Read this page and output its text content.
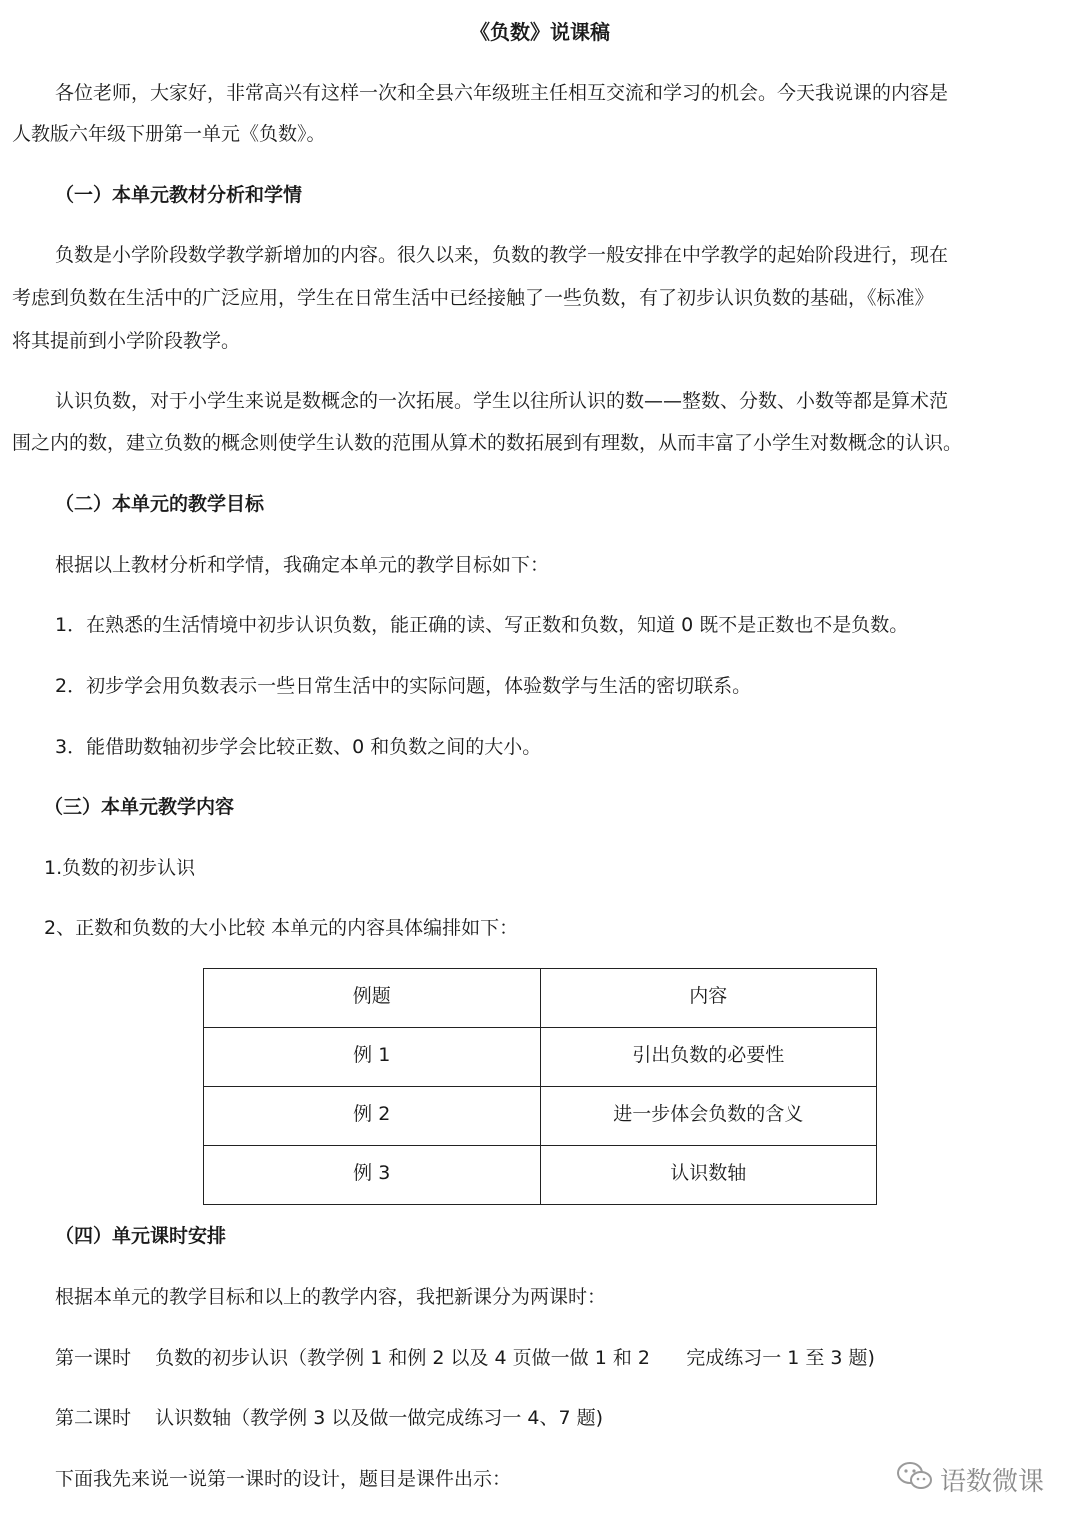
《负数》说课稿
各位老师，大家好，非常高兴有这样一次和全县六年级班主任相互交流和学习的机会。今天我说课的内容是
人教版六年级下册第一单元《负数》。
（一）本单元教材分析和学情
负数是小学阶段数学教学新增加的内容。很久以来，负数的教学一般安排在中学教学的起始阶段进行，现在
考虑到负数在生活中的广泛应用，学生在日常生活中已经接触了一些负数，有了初步认识负数的基础，《标准》
将其提前到小学阶段教学。
认识负数，对于小学生来说是数概念的一次拓展。学生以往所认识的数——整数、分数、小数等都是算术范
围之内的数，建立负数的概念则使学生认数的范围从算术的数拓展到有理数，从而丰富了小学生对数概念的认识。
（二）本单元的教学目标
根据以上教材分析和学情，我确定本单元的教学目标如下：
1．在熟悉的生活情境中初步认识负数，能正确的读、写正数和负数，知道 0 既不是正数也不是负数。
2．初步学会用负数表示一些日常生活中的实际问题，体验数学与生活的密切联系。
3．能借助数轴初步学会比较正数、0 和负数之间的大小。
（三）本单元教学内容
1.负数的初步认识
2、正数和负数的大小比较 本单元的内容具体编排如下：
例题	内容
例 1	引出负数的必要性
例 2	进一步体会负数的含义
例 3	认识数轴
（四）单元课时安排
根据本单元的教学目标和以上的教学内容，我把新课分为两课时：
第一课时    负数的初步认识（教学例 1 和例 2 以及 4 页做一做 1 和 2      完成练习一 1 至 3 题)
第二课时    认识数轴（教学例 3 以及做一做完成练习一 4、7 题)
下面我先来说一说第一课时的设计，题目是课件出示：	语数微课
